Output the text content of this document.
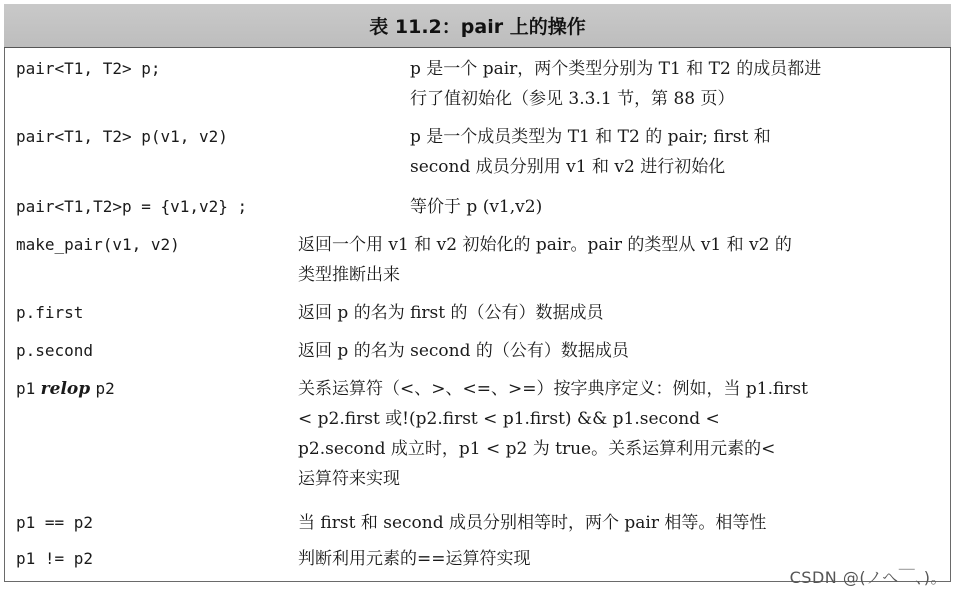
表 11.2：pair 上的操作
pair<T1, T2> p;	p 是一个 pair，两个类型分别为 T1 和 T2 的成员都进
行了值初始化（参见 3.3.1 节，第 88 页）
pair<T1, T2> p(v1, v2)	p 是一个成员类型为 T1 和 T2 的 pair; first 和
second 成员分别用 v1 和 v2 进行初始化
pair<T1,T2>p = {v1,v2} ;	等价于 p (v1,v2)
make_pair(v1, v2)	返回一个用 v1 和 v2 初始化的 pair。pair 的类型从 v1 和 v2 的
类型推断出来
p.first	返回 p 的名为 first 的（公有）数据成员
p.second	返回 p 的名为 second 的（公有）数据成员
p1 relop p2	关系运算符（<、>、<=、>=）按字典序定义：例如，当 p1.first
< p2.first 或!(p2.first < p1.first) && p1.second <
p2.second 成立时，p1 < p2 为 true。关系运算利用元素的<
运算符来实现
p1 == p2	当 first 和 second 成员分别相等时，两个 pair 相等。相等性
p1 != p2	判断利用元素的==运算符实现
CSDN @(ノへ￣、)。
